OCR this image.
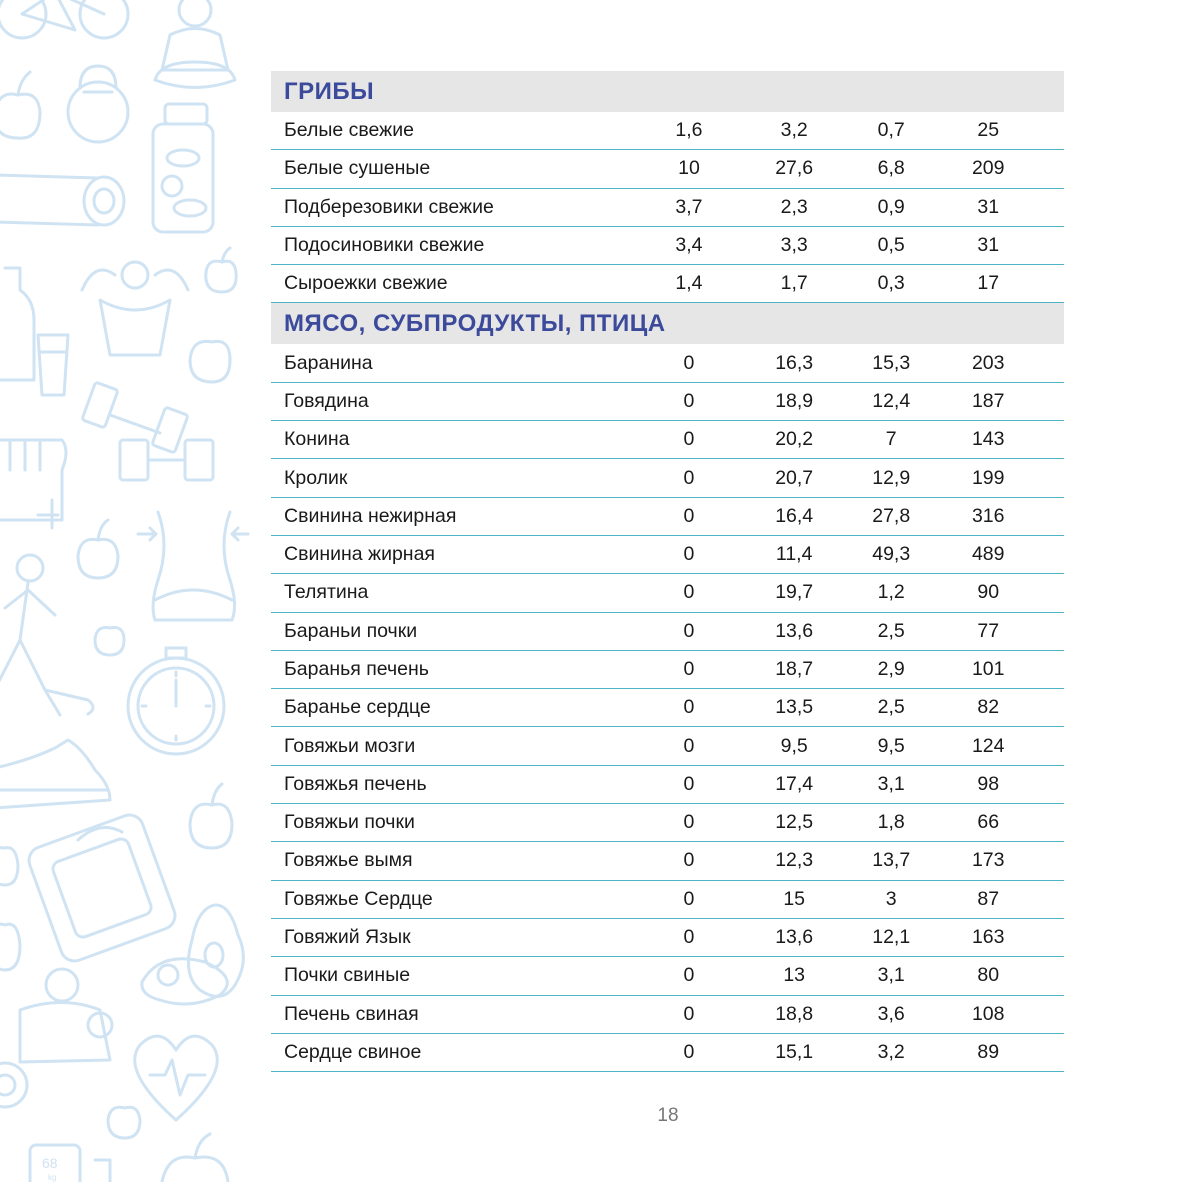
68
kg
ГРИБЫ
Белые свежие	1,6	3,2	0,7	25
Белые сушеные	10	27,6	6,8	209
Подберезовики свежие	3,7	2,3	0,9	31
Подосиновики свежие	3,4	3,3	0,5	31
Сыроежки свежие	1,4	1,7	0,3	17
МЯСО, СУБПРОДУКТЫ, ПТИЦА
Баранина	0	16,3	15,3	203
Говядина	0	18,9	12,4	187
Конина	0	20,2	7	143
Кролик	0	20,7	12,9	199
Свинина нежирная	0	16,4	27,8	316
Свинина жирная	0	11,4	49,3	489
Телятина	0	19,7	1,2	90
Бараньи почки	0	13,6	2,5	77
Баранья печень	0	18,7	2,9	101
Баранье сердце	0	13,5	2,5	82
Говяжьи мозги	0	9,5	9,5	124
Говяжья печень	0	17,4	3,1	98
Говяжьи почки	0	12,5	1,8	66
Говяжье вымя	0	12,3	13,7	173
Говяжье Сердце	0	15	3	87
Говяжий Язык	0	13,6	12,1	163
Почки свиные	0	13	3,1	80
Печень свиная	0	18,8	3,6	108
Сердце свиное	0	15,1	3,2	89
18
